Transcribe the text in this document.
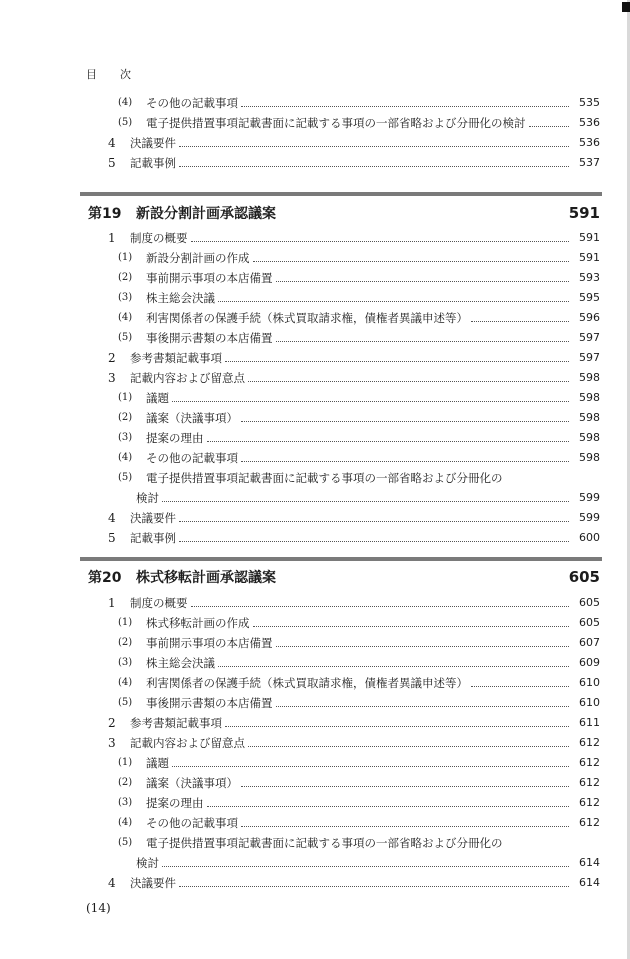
目　次
(4)	その他の記載事項	535
(5)	電子提供措置事項記載書面に記載する事項の一部省略および分冊化の検討	536
4	決議要件	536
5	記載事例	537
第19	新設分割計画承認議案	591
1	制度の概要	591
(1)	新設分割計画の作成	591
(2)	事前開示事項の本店備置	593
(3)	株主総会決議	595
(4)	利害関係者の保護手続（株式買取請求権，債権者異議申述等）	596
(5)	事後開示書類の本店備置	597
2	参考書類記載事項	597
3	記載内容および留意点	598
(1)	議題	598
(2)	議案（決議事項）	598
(3)	提案の理由	598
(4)	その他の記載事項	598
(5)	電子提供措置事項記載書面に記載する事項の一部省略および分冊化の
検討	599
4	決議要件	599
5	記載事例	600
第20	株式移転計画承認議案	605
1	制度の概要	605
(1)	株式移転計画の作成	605
(2)	事前開示事項の本店備置	607
(3)	株主総会決議	609
(4)	利害関係者の保護手続（株式買取請求権，債権者異議申述等）	610
(5)	事後開示書類の本店備置	610
2	参考書類記載事項	611
3	記載内容および留意点	612
(1)	議題	612
(2)	議案（決議事項）	612
(3)	提案の理由	612
(4)	その他の記載事項	612
(5)	電子提供措置事項記載書面に記載する事項の一部省略および分冊化の
検討	614
4	決議要件	614
(14)
